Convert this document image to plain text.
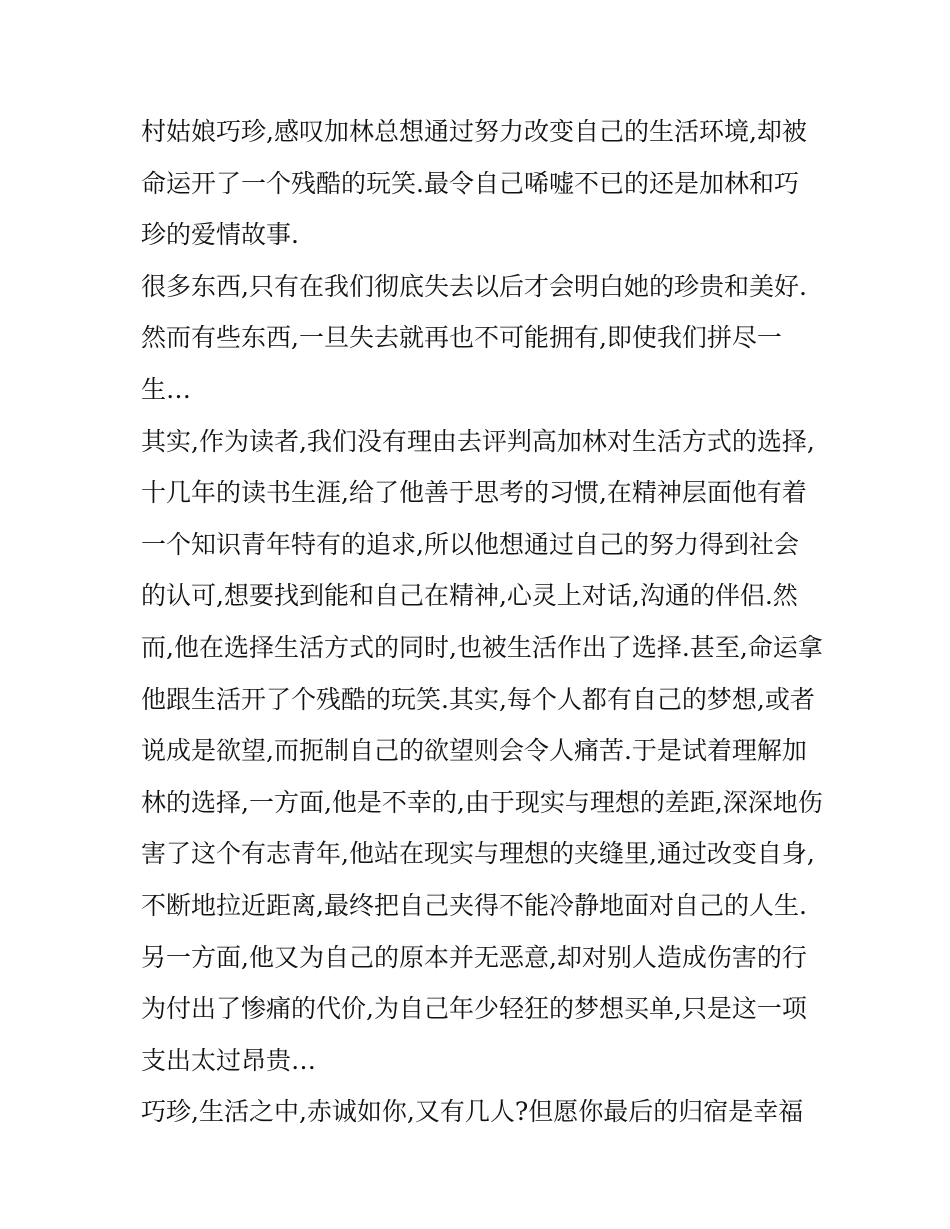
村姑娘巧珍,感叹加林总想通过努力改变自己的生活环境,却被
命运开了一个残酷的玩笑.最令自己唏嘘不已的还是加林和巧
珍的爱情故事.
很多东西,只有在我们彻底失去以后才会明白她的珍贵和美好.
然而有些东西,一旦失去就再也不可能拥有,即使我们拼尽一
生…
其实,作为读者,我们没有理由去评判高加林对生活方式的选择,
十几年的读书生涯,给了他善于思考的习惯,在精神层面他有着
一个知识青年特有的追求,所以他想通过自己的努力得到社会
的认可,想要找到能和自己在精神,心灵上对话,沟通的伴侣.然
而,他在选择生活方式的同时,也被生活作出了选择.甚至,命运拿
他跟生活开了个残酷的玩笑.其实,每个人都有自己的梦想,或者
说成是欲望,而扼制自己的欲望则会令人痛苦.于是试着理解加
林的选择,一方面,他是不幸的,由于现实与理想的差距,深深地伤
害了这个有志青年,他站在现实与理想的夹缝里,通过改变自身,
不断地拉近距离,最终把自己夹得不能冷静地面对自己的人生.
另一方面,他又为自己的原本并无恶意,却对别人造成伤害的行
为付出了惨痛的代价,为自己年少轻狂的梦想买单,只是这一项
支出太过昂贵…
巧珍,生活之中,赤诚如你,又有几人?但愿你最后的归宿是幸福
